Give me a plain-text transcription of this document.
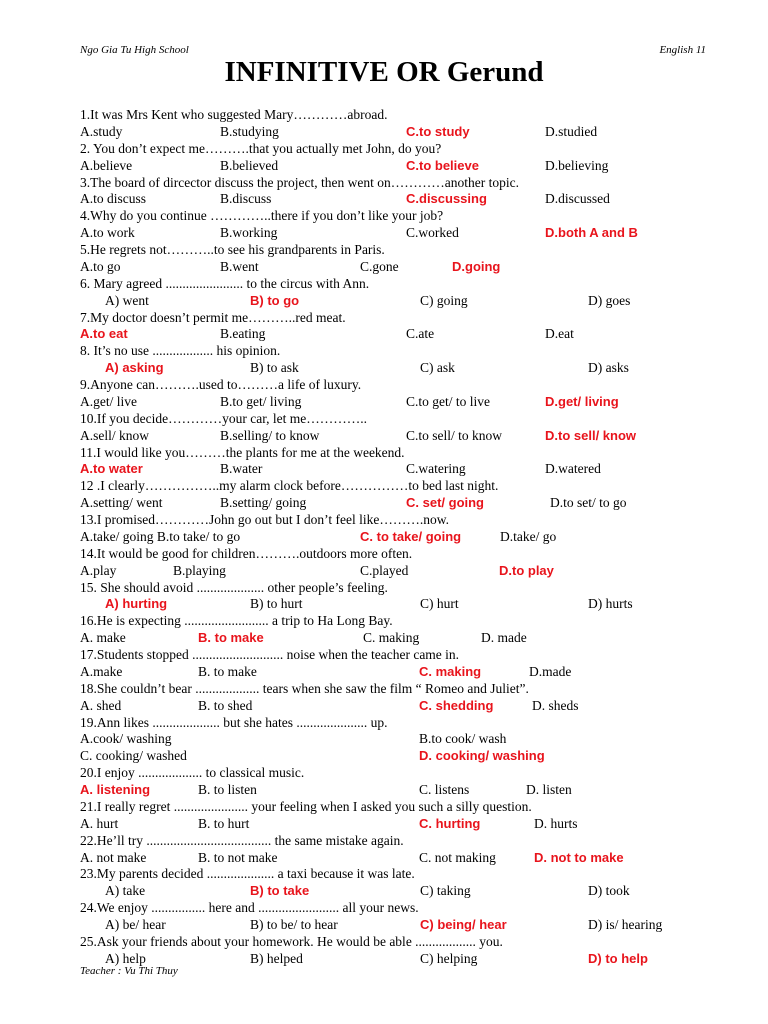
Ngo Gia Tu High School	English 11
INFINITIVE OR Gerund
1.It was Mrs Kent who suggested Mary…………abroad.
A.study	B.studying	C.to study	D.studied
2. You don’t expect me……….that you actually met John, do you?
A.believe	B.believed	C.to believe	D.believing
3.The board of dircector discuss the project, then went on…………another topic.
A.to discuss	B.discuss	C.discussing	D.discussed
4.Why do you continue …………..there if you don’t like your job?
A.to work	B.working	C.worked	D.both A and B
5.He regrets not………..to see his grandparents in Paris.
A.to go	B.went	C.gone	D.going
6. Mary agreed ....................... to the circus with Ann.
A) went	B) to go	C) going	D) goes
7.My doctor doesn’t permit me………..red meat.
A.to eat	B.eating	C.ate	D.eat
8. It’s no use .................. his opinion.
A) asking	B) to ask	C) ask	D) asks
9.Anyone can……….used to………a life of luxury.
A.get/ live	B.to get/ living	C.to get/ to live	D.get/ living
10.If you decide…………your car, let me…………..
A.sell/ know	B.selling/ to know	C.to sell/ to know	D.to sell/ know
11.I would like you………the plants for me at the weekend.
A.to water	B.water	C.watering	D.watered
12 .I clearly……………..my alarm clock before……………to bed last night.
A.setting/ went	B.setting/ going	C. set/ going	D.to set/ to go
13.I promised…………John go out but I don’t feel like……….now.
A.take/ going B.to take/ to go	C. to take/ going	D.take/ go
14.It would be good for children……….outdoors more often.
A.play	B.playing	C.played	D.to play
15. She should avoid .................... other people’s feeling.
A) hurting	B) to hurt	C) hurt	D) hurts
16.He is expecting ......................... a trip to Ha Long Bay.
A. make	B. to make	C. making	D. made
17.Students stopped ........................... noise when the teacher came in.
A.make	B. to make	C. making	D.made
18.She couldn’t bear ................... tears when she saw the film “ Romeo and Juliet”.
A. shed	B. to shed	C. shedding	D. sheds
19.Ann likes .................... but she hates ..................... up.
A.cook/ washing	B.to cook/ wash
C. cooking/ washed	D. cooking/ washing
20.I enjoy ................... to classical music.
A. listening	B. to listen	C. listens	D. listen
21.I really regret ...................... your feeling when I asked you such a silly question.
A. hurt	B. to hurt	C. hurting	D. hurts
22.He’ll try ..................................... the same mistake again.
A. not make	B. to not make	C. not making	D. not to make
23.My parents decided .................... a taxi because it was late.
A) take	B) to take	C) taking	D) took
24.We enjoy ................ here and ........................ all your news.
A) be/ hear	B) to be/ to hear	C) being/ hear	D) is/ hearing
25.Ask your friends about your homework. He would be able .................. you.
A) help	B) helped	C) helping	D) to help
Teacher : Vu Thi Thuy
